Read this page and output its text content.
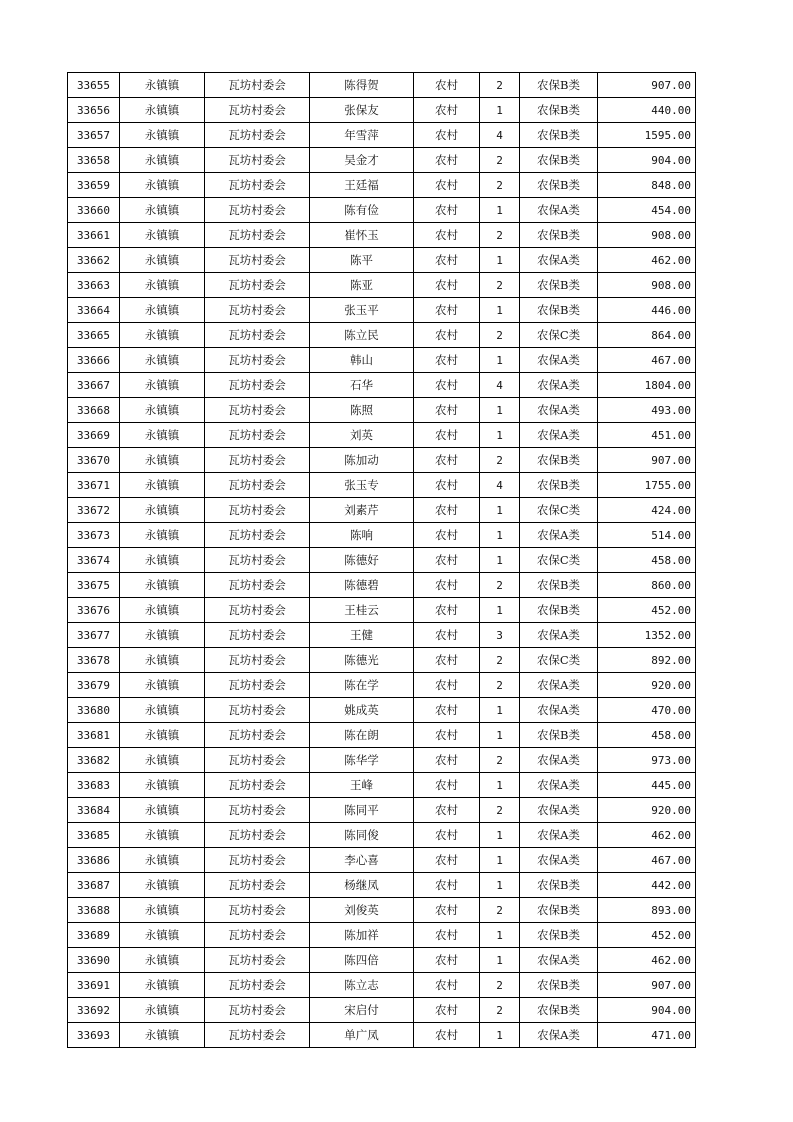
33655	永镇镇	瓦坊村委会	陈得贺	农村	2	农保B类	907.00
33656	永镇镇	瓦坊村委会	张保友	农村	1	农保B类	440.00
33657	永镇镇	瓦坊村委会	年雪萍	农村	4	农保B类	1595.00
33658	永镇镇	瓦坊村委会	吴金才	农村	2	农保B类	904.00
33659	永镇镇	瓦坊村委会	王廷福	农村	2	农保B类	848.00
33660	永镇镇	瓦坊村委会	陈有俭	农村	1	农保A类	454.00
33661	永镇镇	瓦坊村委会	崔怀玉	农村	2	农保B类	908.00
33662	永镇镇	瓦坊村委会	陈平	农村	1	农保A类	462.00
33663	永镇镇	瓦坊村委会	陈亚	农村	2	农保B类	908.00
33664	永镇镇	瓦坊村委会	张玉平	农村	1	农保B类	446.00
33665	永镇镇	瓦坊村委会	陈立民	农村	2	农保C类	864.00
33666	永镇镇	瓦坊村委会	韩山	农村	1	农保A类	467.00
33667	永镇镇	瓦坊村委会	石华	农村	4	农保A类	1804.00
33668	永镇镇	瓦坊村委会	陈照	农村	1	农保A类	493.00
33669	永镇镇	瓦坊村委会	刘英	农村	1	农保A类	451.00
33670	永镇镇	瓦坊村委会	陈加动	农村	2	农保B类	907.00
33671	永镇镇	瓦坊村委会	张玉专	农村	4	农保B类	1755.00
33672	永镇镇	瓦坊村委会	刘素芹	农村	1	农保C类	424.00
33673	永镇镇	瓦坊村委会	陈响	农村	1	农保A类	514.00
33674	永镇镇	瓦坊村委会	陈德好	农村	1	农保C类	458.00
33675	永镇镇	瓦坊村委会	陈德碧	农村	2	农保B类	860.00
33676	永镇镇	瓦坊村委会	王桂云	农村	1	农保B类	452.00
33677	永镇镇	瓦坊村委会	王健	农村	3	农保A类	1352.00
33678	永镇镇	瓦坊村委会	陈德光	农村	2	农保C类	892.00
33679	永镇镇	瓦坊村委会	陈在学	农村	2	农保A类	920.00
33680	永镇镇	瓦坊村委会	姚成英	农村	1	农保A类	470.00
33681	永镇镇	瓦坊村委会	陈在朗	农村	1	农保B类	458.00
33682	永镇镇	瓦坊村委会	陈华学	农村	2	农保A类	973.00
33683	永镇镇	瓦坊村委会	王峰	农村	1	农保A类	445.00
33684	永镇镇	瓦坊村委会	陈同平	农村	2	农保A类	920.00
33685	永镇镇	瓦坊村委会	陈同俊	农村	1	农保A类	462.00
33686	永镇镇	瓦坊村委会	李心喜	农村	1	农保A类	467.00
33687	永镇镇	瓦坊村委会	杨继凤	农村	1	农保B类	442.00
33688	永镇镇	瓦坊村委会	刘俊英	农村	2	农保B类	893.00
33689	永镇镇	瓦坊村委会	陈加祥	农村	1	农保B类	452.00
33690	永镇镇	瓦坊村委会	陈四倍	农村	1	农保A类	462.00
33691	永镇镇	瓦坊村委会	陈立志	农村	2	农保B类	907.00
33692	永镇镇	瓦坊村委会	宋启付	农村	2	农保B类	904.00
33693	永镇镇	瓦坊村委会	单广凤	农村	1	农保A类	471.00
